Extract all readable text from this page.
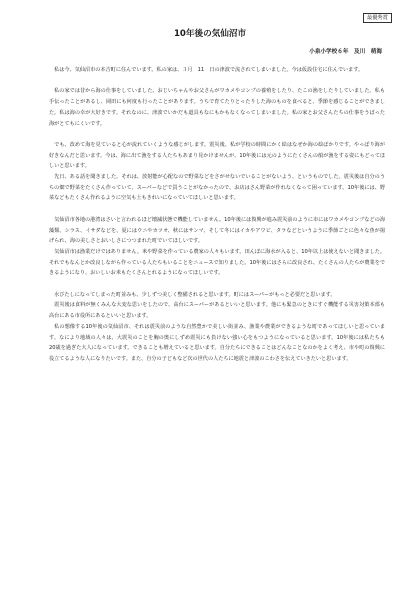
最優秀賞
10年後の気仙沼市
小泉小学校６年　及川　萌海

私は今、気仙沼市の本吉町に住んでいます。私の家は、３月　11　日の津波で流されてしまいました。今は仮設住宅に住んでいます。

私の家では昔から海の仕事をしていました。おじいちゃんやお父さんがワカメやコンブの養殖をしたり、たこの漁をしたりしていました。私も手伝ったことがあるし、岡田にも何度も行ったことがあります。うちで育てたりとったりした海のものを食べると、季節を感じることができました。私は海の幸が大好きです。それなのに、津波でいかだも道具もなにもかもなくなってしまいました。私の家とお父さんたちの仕事をうばった海がとてもにくいです。

でも、改めて海を見ていると心が流れていくような感じがします。震災後、私が学校の時間にかく絵はなぜか海の絵ばかりです。やっぱり海が好きなんだと思います。今は、海に出て漁をする人たちもあまり見かけませんが、10年後には元のようにたくさんの船が漁をする姿にもどってほしいと思います。

先日、ある話を聞きました。それは、放射能が心配なので野菜などをさがせないでいることがないよう、というものでした。震災後は自分のうちの畑で野菜をたくさん作っていて、スーパーなどで買うことがなかったので、お店はさん野菜が作れなくなって困っています。10年後には、野菜などもたくさん作れるように空気も土もきれいになっていてほしいと思います。

気仙沼市各地の港湾はさいと言われるほど壊滅状態で機能していません。10年後には復興が進み震災前のように市にはワカメやコンブなどの海藻類、シラス、イサダなどを、夏にはウニやカツオ、秋にはサンマ、そして冬にはイカやアワビ、タラなどというように季節ごとに色々な魚が揚げられ、海の美しさとおいしさにつつまれた町でいてほしいです。

気仙沼市は漁業だけではありません。米や野菜を作っている農家の人々もいます。田んぼに海水が入ると、10年以上は使えないと聞きました。それでもなんとか改良しながら作っている人たちもいることをニュースで知りました。10年後にはさらに改良され、たくさんの人たちが農業をできるようになり、おいしいお米もたくさんとれるようになってほしいです。

水びたしになってしまった町並みも、少しずつ美しく整備されると思います。町にはスーパーがもっと必要だと思います。

震災後は食料が無くみんな大変な思いをしたので、高台にスーパーがあるといいと思います。他にも緊急のときにすぐ機能する災害対策本部も高台にある市役所にあるといいと思います。

私の想像する10年後の気仙沼市、それは震災前のような自然豊かで美しい街並み、漁業や農業ができるような町であってほしいと思っています。なにより地域の人々は、大震災のことを胸の奥にしずめ震災にも負けない強い心をもつようになっていると思います。10年後には私たちも20歳を過ぎた大人になっています。できることも増えていると思います。自分たちにできることはどんなことなのかをよく考え、市や町の復興に役立てるような人になりたいです。また、自分の子どもなど次の世代の人たちに地震と津波のこわさを伝えていきたいと思います。
